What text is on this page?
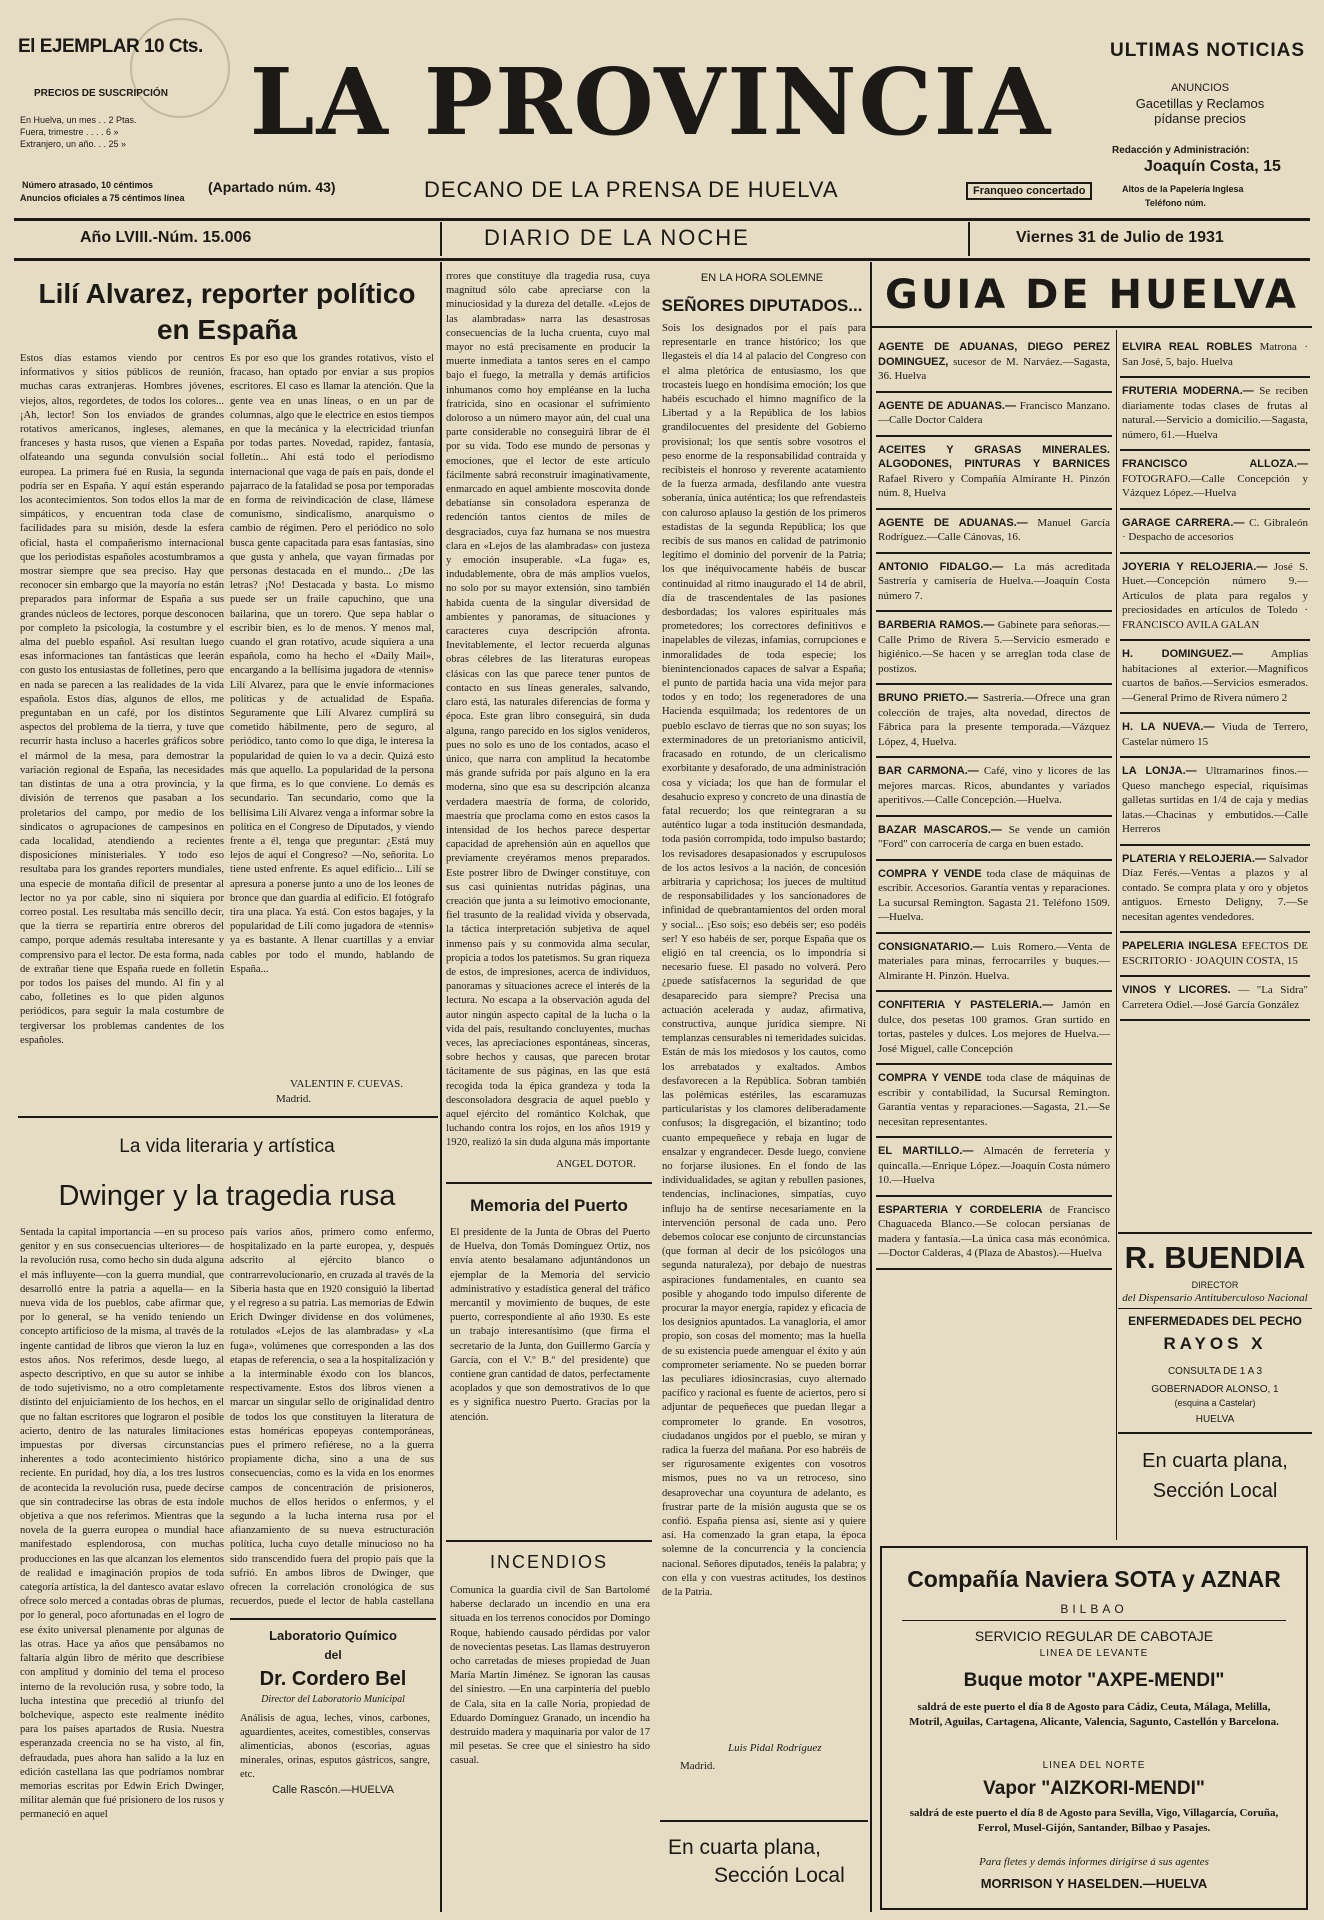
El EJEMPLAR 10 Cts.
PRECIOS DE SUSCRIPCIÓN
En Huelva, un mes . . 2 Ptas.
Fuera, trimestre . . . . 6 »
Extranjero, un año. . . 25 »
Número atrasado, 10 céntimos
Anuncios oficiales a 75 céntimos línea
LA PROVINCIA
(Apartado núm. 43)	DECANO DE LA PRENSA DE HUELVA	Franqueo concertado
ULTIMAS NOTICIAS
ANUNCIOS
Gacetillas y Reclamos
pídanse precios
Redacción y Administración:
Joaquín Costa, 15
Altos de la Papelería Inglesa
Teléfono núm.
Año LVIII.-Núm. 15.006	DIARIO DE LA NOCHE	Viernes 31 de Julio de 1931
Lilí Alvarez, reporter político
en España
Estos días estamos viendo por centros informativos y sitios públicos de reunión, muchas caras extranjeras. Hombres jóvenes, viejos, altos, regordetes, de todos los colores... ¡Ah, lector! Son los enviados de grandes rotativos americanos, ingleses, alemanes, franceses y hasta rusos, que vienen a España olfateando una segunda convulsión social europea. La primera fué en Rusia, la segunda podría ser en España. Y aquí están esperando los acontecimientos. Son todos ellos la mar de simpáticos, y encuentran toda clase de facilidades para su misión, desde la esfera oficial, hasta el compañerismo internacional que los periodistas españoles acostumbramos a mostrar siempre que sea preciso. Hay que reconocer sin embargo que la mayoría no están preparados para informar de España a sus grandes núcleos de lectores, porque desconocen por completo la psicología, la costumbre y el alma del pueblo español. Así resultan luego esas informaciones tan fantásticas que leerán con gusto los entusiastas de folletines, pero que en nada se parecen a las realidades de la vida española. Estos días, algunos de ellos, me preguntaban en un café, por los distintos aspectos del problema de la tierra, y tuve que recurrir hasta incluso a hacerles gráficos sobre el mármol de la mesa, para demostrar la variación regional de España, las necesidades tan distintas de una a otra provincia, y la división de terrenos que pasaban a los proletarios del campo, por medio de los sindicatos o agrupaciones de campesinos en cada localidad, atendiendo a recientes disposiciones ministeriales. Y todo eso resultaba para los grandes reporters mundiales, una especie de montaña difícil de presentar al lector no ya por cable, sino ni siquiera por correo postal. Les resultaba más sencillo decir, que la tierra se repartiría entre obreros del campo, porque además resultaba interesante y comprensivo para el lector. De esta forma, nada de extrañar tiene que España ruede en folletín por todos los países del mundo. Al fin y al cabo, folletines es lo que piden algunos periódicos, para seguir la mala costumbre de tergiversar los problemas candentes de los españoles.
Es por eso que los grandes rotativos, visto el fracaso, han optado por enviar a sus propios escritores. El caso es llamar la atención. Que la gente vea en unas líneas, o en un par de columnas, algo que le electrice en estos tiempos en que la mecánica y la electricidad triunfan por todas partes. Novedad, rapidez, fantasía, folletín... Ahí está todo el periodismo internacional que vaga de país en país, donde el pajarraco de la fatalidad se posa por temporadas en forma de reivindicación de clase, llámese comunismo, sindicalismo, anarquismo o cambio de régimen. Pero el periódico no solo busca gente capacitada para esas fantasías, sino que gusta y anhela, que vayan firmadas por personas destacada en el mundo... ¿De las letras? ¡No! Destacada y basta. Lo mismo puede ser un fraile capuchino, que una bailarina, que un torero. Que sepa hablar o escribir bien, es lo de menos. Y menos mal, cuando el gran rotativo, acude siquiera a una española, como ha hecho el «Daily Mail», encargando a la bellísima jugadora de «tennis» Lilí Alvarez, para que le envíe informaciones políticas y de actualidad de España. Seguramente que Lilí Alvarez cumplirá su cometido hábilmente, pero de seguro, al periódico, tanto como lo que diga, le interesa la popularidad de quien lo va a decir. Quizá esto más que aquello. La popularidad de la persona que firma, es lo que conviene. Lo demás es secundario. Tan secundario, como que la bellísima Lilí Alvarez venga a informar sobre la política en el Congreso de Diputados, y viendo frente a él, tenga que preguntar: ¿Está muy lejos de aquí el Congreso? —No, señorita. Lo tiene usted enfrente. Es aquel edificio... Lilí se apresura a ponerse junto a uno de los leones de bronce que dan guardia al edificio. El fotógrafo tira una placa. Ya está. Con estos bagajes, y la popularidad de Lilí como jugadora de «tennis» ya es bastante. A llenar cuartillas y a enviar cables por todo el mundo, hablando de España...
VALENTIN F. CUEVAS.
Madrid.
La vida literaria y artística
Dwinger y la tragedia rusa
Sentada la capital importancia —en su proceso genitor y en sus consecuencias ulteriores— de la revolución rusa, como hecho sin duda alguna el más influyente—con la guerra mundial, que desarrolló entre la patria a aquella— en la nueva vida de los pueblos, cabe afirmar que, por lo general, se ha venido teniendo un concepto artificioso de la misma, al través de la ingente cantidad de libros que vieron la luz en estos años. Nos referimos, desde luego, al aspecto descriptivo, en que su autor se inhibe de todo sujetivismo, no a otro completamente distinto del enjuiciamiento de los hechos, en el que no faltan escritores que lograron el posible acierto, dentro de las naturales limitaciones impuestas por diversas circunstancias inherentes a todo acontecimiento histórico reciente. En puridad, hoy día, a los tres lustros de acontecida la revolución rusa, puede decirse que sin contradecirse las obras de esta índole objetiva a que nos referimos. Mientras que la novela de la guerra europea o mundial hace manifestado esplendorosa, con muchas producciones en las que alcanzan los elementos de realidad e imaginación propios de toda categoría artística, la del dantesco avatar eslavo ofrece solo merced a contadas obras de plumas, por lo general, poco afortunadas en el logro de ese éxito universal plenamente por algunas de las otras. Hace ya años que pensábamos no faltaría algún libro de mérito que describiese con amplitud y dominio del tema el proceso interno de la revolución rusa, y sobre todo, la lucha intestina que precedió al triunfo del bolchevique, aspecto este realmente inédito para los países apartados de Rusia. Nuestra esperanzada creencia no se ha visto, al fin, defraudada, pues ahora han salido a la luz en edición castellana las que podríamos nombrar memorias escritas por Edwin Erich Dwinger, militar alemán que fué prisionero de los rusos y permaneció en aquel
país varios años, primero como enfermo, hospitalizado en la parte europea, y, después adscrito al ejército blanco o contrarrevolucionario, en cruzada al través de la Siberia hasta que en 1920 consiguió la libertad y el regreso a su patria. Las memorias de Edwin Erich Dwinger dividense en dos volúmenes, rotulados «Lejos de las alambradas» y «La fuga», volúmenes que corresponden a las dos etapas de referencia, o sea a la hospitalización y a la interminable éxodo con los blancos, respectivamente. Estos dos libros vienen a marcar un singular sello de originalidad dentro de todos los que constituyen la literatura de estas homéricas epopeyas contemporáneas, pues el primero refiérese, no a la guerra propiamente dicha, sino a una de sus consecuencias, como es la vida en los enormes campos de concentración de prisioneros, muchos de ellos heridos o enfermos, y el segundo a la lucha interna rusa por el afianzamiento de su nueva estructuración política, lucha cuyo detalle minucioso no ha sido transcendido fuera del propio país que la sufrió. En ambos libros de Dwinger, que ofrecen la correlación cronológica de sus recuerdos, puede el lector de habla castellana
rrores que constituye dla tragedia rusa, cuya magnitud sólo cabe apreciarse con la minuciosidad y la dureza del detalle. «Lejos de las alambradas» narra las desastrosas consecuencias de la lucha cruenta, cuyo mal mayor no está precisamente en producir la muerte inmediata a tantos seres en el campo bajo el fuego, la metralla y demás artificios inhumanos como hoy empléanse en la lucha fratricida, sino en ocasionar el sufrimiento doloroso a un número mayor aún, del cual una parte considerable no conseguirá librar de él por su vida. Todo ese mundo de personas y emociones, que el lector de este artículo fácilmente sabrá reconstruir imaginativamente, enmarcado en aquel ambiente moscovita donde debatíanse sin consoladora esperanza de redención tantos cientos de miles de desgraciados, cuya faz humana se nos muestra clara en «Lejos de las alambradas» con justeza y emoción insuperable. «La fuga» es, indudablemente, obra de más amplios vuelos, no solo por su mayor extensión, sino también habida cuenta de la singular diversidad de ambientes y panoramas, de situaciones y caracteres cuya descripción afronta. Inevitablemente, el lector recuerda algunas obras célebres de las literaturas europeas clásicas con las que parece tener puntos de contacto en sus líneas generales, salvando, claro está, las naturales diferencias de forma y época. Este gran libro conseguirá, sin duda alguna, rango parecido en los siglos venideros, pues no solo es uno de los contados, acaso el único, que narra con amplitud la hecatombe más grande sufrida por país alguno en la era moderna, sino que esa su descripción alcanza verdadera maestría de forma, de colorido, maestría que proclama como en estos casos la intensidad de los hechos parece despertar capacidad de aprehensión aún en aquellos que previamente creyéramos menos preparados. Este postrer libro de Dwinger constituye, con sus casi quinientas nutridas páginas, una creación que junta a su leimotivo emocionante, fiel trasunto de la realidad vivida y observada, la táctica interpretación subjetiva de aquel inmenso país y su conmovida alma secular, propicia a todos los patetismos. Su gran riqueza de estos, de impresiones, acerca de individuos, panoramas y situaciones acrece el interés de la lectura. No escapa a la observación aguda del autor ningún aspecto capital de la lucha o la vida del país, resultando concluyentes, muchas veces, las apreciaciones espontáneas, sinceras, sobre hechos y causas, que parecen brotar tácitamente de sus páginas, en las que está recogida toda la épica grandeza y toda la desconsoladora desgracia de aquel pueblo y aquel ejército del romántico Kolchak, que luchando contra los rojos, en los años 1919 y 1920, realizó la sin duda alguna más importante
ANGEL DOTOR.
Laboratorio Químico
del
Dr. Cordero Bel
Director del Laboratorio Municipal
Análisis de agua, leches, vinos, carbones, aguardientes, aceites, comestibles, conservas alimenticias, abonos (escorias, aguas minerales, orinas, esputos gástricos, sangre, etc.
Calle Rascón.—HUELVA
Memoria del Puerto
El presidente de la Junta de Obras del Puerto de Huelva, don Tomás Domínguez Ortiz, nos envía atento besalamano adjuntándonos un ejemplar de la Memoria del servicio administrativo y estadística general del tráfico mercantil y movimiento de buques, de este puerto, correspondiente al año 1930. Es este un trabajo interesantísimo (que firma el secretario de la Junta, don Guillermo García y García, con el V.º B.º del presidente) que contiene gran cantidad de datos, perfectamente acoplados y que son demostrativos de lo que es y significa nuestro Puerto. Gracias por la atención.
INCENDIOS
Comunica la guardia civil de San Bartolomé haberse declarado un incendio en una era situada en los terrenos conocidos por Domingo Roque, habiendo causado pérdidas por valor de novecientas pesetas. Las llamas destruyeron ocho carretadas de mieses propiedad de Juan María Martín Jiménez. Se ignoran las causas del siniestro. —En una carpintería del pueblo de Cala, sita en la calle Noria, propiedad de Eduardo Domínguez Granado, un incendio ha destruido madera y maquinaria por valor de 17 mil pesetas. Se cree que el siniestro ha sido casual.
EN LA HORA SOLEMNE
SEÑORES DIPUTADOS...
Sois los designados por el país para representarle en trance histórico; los que llegasteis el día 14 al palacio del Congreso con el alma pletórica de entusiasmo, los que trocasteis luego en hondísima emoción; los que habéis escuchado el himno magnífico de la Libertad y a la República de los labios grandilocuentes del presidente del Gobierno provisional; los que sentís sobre vosotros el peso enorme de la responsabilidad contraída y recibisteis el honroso y reverente acatamiento de la fuerza armada, desfilando ante vuestra soberanía, única auténtica; los que refrendasteis con caluroso aplauso la gestión de los primeros estadistas de la segunda República; los que recibís de sus manos en calidad de patrimonio legítimo el dominio del porvenir de la Patria; los que inéquivocamente habéis de buscar continuidad al ritmo inaugurado el 14 de abril, día de trascendentales de las pasiones desbordadas; los valores espirituales más prometedores; los correctores definitivos e inapelables de vilezas, infamias, corrupciones e inmoralidades de toda especie; los bienintencionados capaces de salvar a España; el punto de partida hacia una vida mejor para todos y en todo; los regeneradores de una Hacienda esquilmada; los redentores de un pueblo esclavo de tierras que no son suyas; los exterminadores de un pretorianismo anticivil, fracasado en rotundo, de un clericalismo exorbitante y desaforado, de una administración cosa y viciada; los que han de formular el desahucio expreso y concreto de una dinastía de fatal recuerdo; los que reintegraran a su auténtico lugar a toda institución desmandada, toda pasión corrompida, todo impulso bastardo; los revisadores desapasionados y escrupulosos de los actos lesivos a la nación, de concesión arbitraria y caprichosa; los jueces de multitud de responsabilidades y los sancionadores de infinidad de quebrantamientos del orden moral y social... ¡Eso sois; eso debéis ser; eso podéis ser! Y eso habéis de ser, porque España que os eligió en tal creencia, os lo impondría si necesario fuese. El pasado no volverá. Pero ¿puede satisfacernos la seguridad de que desaparecido para siempre? Precisa una actuación acelerada y audaz, afirmativa, constructiva, aunque jurídica siempre. Ni templanzas censurables ni temeridades suicidas. Están de más los miedosos y los cautos, como los arrebatados y exaltados. Ambos desfavorecen a la República. Sobran también las polémicas estériles, las escaramuzas particularistas y los clamores deliberadamente confusos; la disgregación, el bizantino; todo cuanto empequeñece y rebaja en lugar de ensalzar y engrandecer. Desde luego, conviene no forjarse ilusiones. En el fondo de las individualidades, se agitan y rebullen pasiones, tendencias, inclinaciones, simpatías, cuyo influjo ha de sentirse necesariamente en la intervención personal de cada uno. Pero debemos colocar ese conjunto de circunstancias (que forman al decir de los psicólogos una segunda naturaleza), por debajo de nuestras aspiraciones fundamentales, en cuanto sea posible y ahogando todo impulso diferente de procurar la mayor energía, rapidez y eficacia de los designios apuntados. La vanagloria, el amor propio, son cosas del momento; mas la huella de su existencia puede amenguar el éxito y aún comprometer seriamente. No se pueden borrar las peculiares idiosincrasias, cuyo alternado pacífico y racional es fuente de aciertos, pero sí adjuntar de pequeñeces que puedan llegar a comprometer lo grande. En vosotros, ciudadanos ungidos por el pueblo, se miran y radica la fuerza del mañana. Por eso habréis de ser rigurosamente exigentes con vosotros mismos, pues no va un retroceso, sino desaprovechar una coyuntura de adelanto, es frustrar parte de la misión augusta que se os confió. España piensa así, siente así y quiere así. Ha comenzado la gran etapa, la época solemne de la concurrencia y la conciencia nacional. Señores diputados, tenéis la palabra; y con ella y con vuestras actitudes, los destinos de la Patria.
Luis Pidal Rodríguez
Madrid.
En cuarta plana,
Sección Local
GUIA DE HUELVA
AGENTE DE ADUANAS, DIEGO PEREZ DOMINGUEZ, sucesor de M. Narváez.—Sagasta, 36. Huelva
AGENTE DE ADUANAS.— Francisco Manzano.—Calle Doctor Caldera
ACEITES Y GRASAS MINERALES. ALGODONES, PINTURAS Y BARNICES Rafael Rivero y Compañía Almirante H. Pinzón núm. 8, Huelva
AGENTE DE ADUANAS.— Manuel García Rodríguez.—Calle Cánovas, 16.
ANTONIO FIDALGO.— La más acreditada Sastrería y camisería de Huelva.—Joaquín Costa número 7.
BARBERIA RAMOS.— Gabinete para señoras.—Calle Primo de Rivera 5.—Servicio esmerado e higiénico.—Se hacen y se arreglan toda clase de postizos.
BRUNO PRIETO.— Sastrería.—Ofrece una gran colección de trajes, alta novedad, directos de Fábrica para la presente temporada.—Vázquez López, 4, Huelva.
BAR CARMONA.— Café, vino y licores de las mejores marcas. Ricos, abundantes y variados aperitivos.—Calle Concepción.—Huelva.
BAZAR MASCAROS.— Se vende un camión "Ford" con carrocería de carga en buen estado.
COMPRA Y VENDE toda clase de máquinas de escribir. Accesorios. Garantía ventas y reparaciones. La sucursal Remington. Sagasta 21. Teléfono 1509.—Huelva.
CONSIGNATARIO.— Luis Romero.—Venta de materiales para minas, ferrocarriles y buques.—Almirante H. Pinzón. Huelva.
CONFITERIA Y PASTELERIA.— Jamón en dulce, dos pesetas 100 gramos. Gran surtido en tortas, pasteles y dulces. Los mejores de Huelva.—José Miguel, calle Concepción
COMPRA Y VENDE toda clase de máquinas de escribir y contabilidad, la Sucursal Remington. Garantía ventas y reparaciones.—Sagasta, 21.—Se necesitan representantes.
EL MARTILLO.— Almacén de ferretería y quincalla.—Enrique López.—Joaquín Costa número 10.—Huelva
ESPARTERIA Y CORDELERIA de Francisco Chaguaceda Blanco.—Se colocan persianas de madera y fantasía.—La única casa más económica.—Doctor Calderas, 4 (Plaza de Abastos).—Huelva
ELVIRA REAL ROBLES Matrona · San José, 5, bajo. Huelva
FRUTERIA MODERNA.— Se reciben diariamente todas clases de frutas al natural.—Servicio a domicilio.—Sagasta, número, 61.—Huelva
FRANCISCO ALLOZA.— FOTOGRAFO.—Calle Concepción y Vázquez López.—Huelva
GARAGE CARRERA.— C. Gibraleón · Despacho de accesorios
JOYERIA Y RELOJERIA.— José S. Huet.—Concepción número 9.—Artículos de plata para regalos y preciosidades en artículos de Toledo · FRANCISCO AVILA GALAN
H. DOMINGUEZ.—	Amplias habitaciones al exterior.—Magníficos cuartos de baños.—Servicios esmerados.—General Primo de Rivera número 2
H. LA NUEVA.— Viuda de Terrero, Castelar número 15
LA LONJA.— Ultramarinos finos.—Queso manchego especial, riquísimas galletas surtidas en 1/4 de caja y medias latas.—Chacinas y embutidos.—Calle Herreros
PLATERIA Y RELOJERIA.— Salvador Díaz Ferés.—Ventas a plazos y al contado. Se compra plata y oro y objetos antiguos. Ernesto Deligny, 7.—Se necesitan agentes vendedores.
PAPELERIA INGLESA EFECTOS DE ESCRITORIO · JOAQUIN COSTA, 15
VINOS Y LICORES. — "La Sidra" Carretera Odiel.—José García González
R. BUENDIA
DIRECTOR
del Dispensario Antituberculoso Nacional
ENFERMEDADES DEL PECHO
RAYOS X
CONSULTA DE 1 A 3
GOBERNADOR ALONSO, 1
(esquina a Castelar)
HUELVA
En cuarta plana,
Sección Local
Compañía Naviera SOTA y AZNAR
BILBAO
SERVICIO REGULAR DE CABOTAJE
LINEA DE LEVANTE
Buque motor "AXPE-MENDI"
saldrá de este puerto el día 8 de Agosto para Cádiz, Ceuta, Málaga, Melilla, Motril, Aguilas, Cartagena, Alicante, Valencia, Sagunto, Castellón y Barcelona.
LINEA DEL NORTE
Vapor "AIZKORI-MENDI"
saldrá de este puerto el día 8 de Agosto para Sevilla, Vigo, Villagarcía, Coruña, Ferrol, Musel-Gijón, Santander, Bilbao y Pasajes.
Para fletes y demás informes dirigirse á sus agentes
MORRISON Y HASELDEN.—HUELVA
